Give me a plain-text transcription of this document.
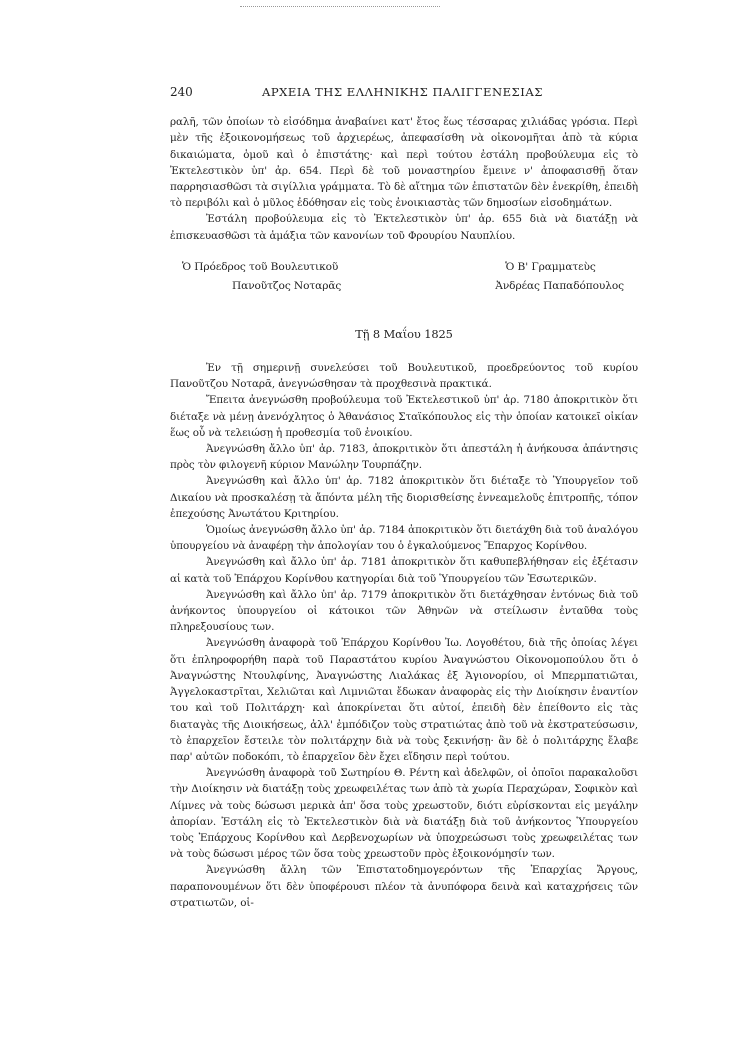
240	ΑΡΧΕΙΑ ΤΗΣ ΕΛΛΗΝΙΚΗΣ ΠΑΛΙΓΓΕΝΕΣΙΑΣ

ραλῆ, τῶν ὁποίων τὸ εἰσόδημα ἀναβαίνει κατ' ἔτος ἕως τέσσαρας χιλιάδας γρόσια. Περὶ μὲν τῆς ἐξοικονομήσεως τοῦ ἀρχιερέως, ἀπεφασίσθη νὰ οἰκονομῆται ἀπὸ τὰ κύρια δικαιώματα, ὁμοῦ καὶ ὁ ἐπιστάτης· καὶ περὶ τούτου ἐστάλη προβούλευμα εἰς τὸ Ἐκτελεστικὸν ὑπ' ἀρ. 654. Περὶ δὲ τοῦ μοναστηρίου ἔμεινε ν' ἀποφασισθῇ ὅταν παρρησιασθῶσι τὰ σιγίλλια γράμματα. Τὸ δὲ αἴτημα τῶν ἐπιστατῶν δὲν ἐνεκρίθη, ἐπειδὴ τὸ περιβόλι καὶ ὁ μῦλος ἐδόθησαν εἰς τοὺς ἐνοικιαστὰς τῶν δημοσίων εἰσοδημάτων.

Ἐστάλη προβούλευμα εἰς τὸ Ἐκτελεστικὸν ὑπ' ἀρ. 655 διὰ νὰ διατάξῃ νὰ ἐπισκευασθῶσι τὰ ἁμάξια τῶν κανονίων τοῦ Φρουρίου Ναυπλίου.

Ὁ Πρόεδρος τοῦ Βουλευτικοῦ
Πανοῦτζος Νοταρᾶς
Ὁ Β' Γραμματεὺς
Ἀνδρέας Παπαδόπουλος
Τῇ 8 Μαΐου 1825

Ἐν τῇ σημερινῇ συνελεύσει τοῦ Βουλευτικοῦ, προεδρεύοντος τοῦ κυρίου Πανοῦτζου Νοταρᾶ, ἀνεγνώσθησαν τὰ προχθεσινὰ πρακτικά.

Ἔπειτα ἀνεγνώσθη προβούλευμα τοῦ Ἐκτελεστικοῦ ὑπ' ἀρ. 7180 ἀποκριτικὸν ὅτι διέταξε νὰ μένῃ ἀνενόχλητος ὁ Ἀθανάσιος Σταϊκόπουλος εἰς τὴν ὁποίαν κατοικεῖ οἰκίαν ἕως οὗ νὰ τελειώσῃ ἡ προθεσμία τοῦ ἐνοικίου.

Ἀνεγνώσθη ἄλλο ὑπ' ἀρ. 7183, ἀποκριτικὸν ὅτι ἀπεστάλη ἡ ἀνήκουσα ἀπάντησις πρὸς τὸν φιλογενῆ κύριον Μανώλην Τουρπάζην.

Ἀνεγνώσθη καὶ ἄλλο ὑπ' ἀρ. 7182 ἀποκριτικὸν ὅτι διέταξε τὸ Ὑπουργεῖον τοῦ Δικαίου νὰ προσκαλέσῃ τὰ ἄπόντα μέλη τῆς διορισθείσης ἐννεαμελοῦς ἐπιτροπῆς, τόπον ἐπεχούσης Ἀνωτάτου Κριτηρίου.

Ὁμοίως ἀνεγνώσθη ἄλλο ὑπ' ἀρ. 7184 ἀποκριτικὸν ὅτι διετάχθη διὰ τοῦ ἀναλόγου ὑπουργείου νὰ ἀναφέρῃ τὴν ἀπολογίαν του ὁ ἐγκαλούμενος Ἔπαρχος Κορίνθου.

Ἀνεγνώσθη καὶ ἄλλο ὑπ' ἀρ. 7181 ἀποκριτικὸν ὅτι καθυπεβλήθησαν εἰς ἐξέτασιν αἱ κατὰ τοῦ Ἐπάρχου Κορίνθου κατηγορίαι διὰ τοῦ Ὑπουργείου τῶν Ἐσωτερικῶν.

Ἀνεγνώσθη καὶ ἄλλο ὑπ' ἀρ. 7179 ἀποκριτικὸν ὅτι διετάχθησαν ἐντόνως διὰ τοῦ ἀνήκοντος ὑπουργείου οἱ κάτοικοι τῶν Ἀθηνῶν νὰ στείλωσιν ἐνταῦθα τοὺς πληρεξουσίους των.

Ἀνεγνώσθη ἀναφορὰ τοῦ Ἐπάρχου Κορίνθου Ἰω. Λογοθέτου, διὰ τῆς ὁποίας λέγει ὅτι ἐπληροφορήθη παρὰ τοῦ Παραστάτου κυρίου Ἀναγνώστου Οἰκονομοπούλου ὅτι ὁ Ἀναγνώστης Ντουλφίνης, Ἀναγνώστης Λιαλάκας ἐξ Ἁγιονορίου, οἱ Μπερμπατιῶται, Ἀγγελοκαστρῖται, Χελιῶται καὶ Λιμνιῶται ἔδωκαν ἀναφορὰς εἰς τὴν Διοίκησιν ἐναντίον του καὶ τοῦ Πολιτάρχη· καὶ ἀποκρίνεται ὅτι αὐτοί, ἐπειδὴ δὲν ἐπείθοντο εἰς τὰς διαταγὰς τῆς Διοικήσεως, ἀλλ' ἐμπόδιζον τοὺς στρατιώτας ἀπὸ τοῦ νὰ ἐκστρατεύσωσιν, τὸ ἐπαρχεῖον ἔστειλε τὸν πολιτάρχην διὰ νὰ τοὺς ξεκινήσῃ· ἂν δὲ ὁ πολιτάρχης ἔλαβε παρ' αὐτῶν ποδοκόπι, τὸ ἐπαρχεῖον δὲν ἔχει εἴδησιν περὶ τούτου.

Ἀνεγνώσθη ἀναφορὰ τοῦ Σωτηρίου Θ. Ρέντη καὶ ἀδελφῶν, οἱ ὁποῖοι παρακαλοῦσι τὴν Διοίκησιν νὰ διατάξῃ τοὺς χρεωφειλέτας των ἀπὸ τὰ χωρία Περαχώραν, Σοφικὸν καὶ Λίμνες νὰ τοὺς δώσωσι μερικὰ ἀπ' ὅσα τοὺς χρεωστοῦν, διότι εὑρίσκονται εἰς μεγάλην ἀπορίαν. Ἐστάλη εἰς τὸ Ἐκτελεστικὸν διὰ νὰ διατάξῃ διὰ τοῦ ἀνήκοντος Ὑπουργείου τοὺς Ἐπάρχους Κορίνθου καὶ Δερβενοχωρίων νὰ ὑποχρεώσωσι τοὺς χρεωφειλέτας των νὰ τοὺς δώσωσι μέρος τῶν ὅσα τοὺς χρεωστοῦν πρὸς ἐξοικονόμησίν των.

Ἀνεγνώσθη ἄλλη τῶν Ἐπιστατοδημογερόντων τῆς Ἐπαρχίας Ἄργους, παραπονουμένων ὅτι δὲν ὑποφέρουσι πλέον τὰ ἀνυπόφορα δεινὰ καὶ καταχρήσεις τῶν στρατιωτῶν, οἱ-
